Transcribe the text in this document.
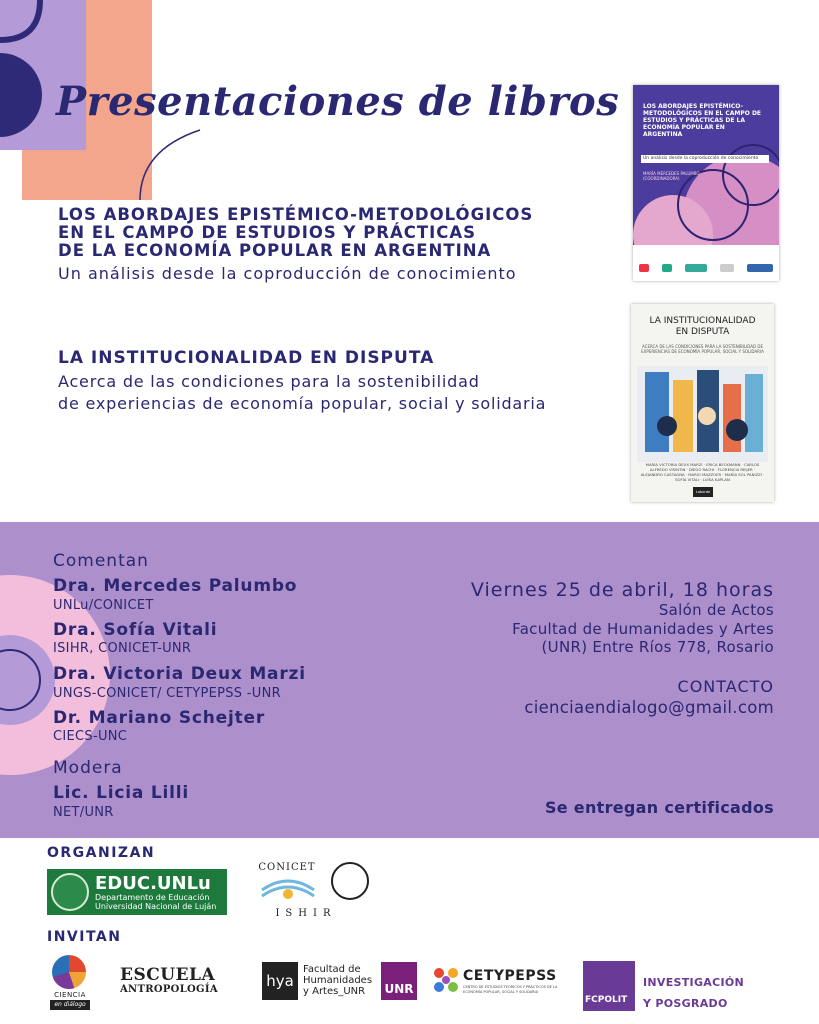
Presentaciones de libros
LOS ABORDAJES EPISTÉMICO-METODOLÓGICOS
EN EL CAMPO DE ESTUDIOS Y PRÁCTICAS
DE LA ECONOMÍA POPULAR EN ARGENTINA
Un análisis desde la coproducción de conocimiento
LOS ABORDAJES EPISTÉMICO-METODOLÓGICOS EN EL CAMPO DE ESTUDIOS Y PRÁCTICAS DE LA ECONOMÍA POPULAR EN ARGENTINA
Un análisis desde la coproducción de conocimiento
MARÍA MERCEDES PALUMBO (COORDINADORA)
LA INSTITUCIONALIDAD EN DISPUTA
Acerca de las condiciones para la sostenibilidad
de experiencias de economía popular, social y solidaria
LA INSTITUCIONALIDAD
EN DISPUTA
ACERCA DE LAS CONDICIONES PARA LA SOSTENIBILIDAD DE EXPERIENCIAS DE ECONOMÍA POPULAR, SOCIAL Y SOLIDARIA
MARÍA VICTORIA DEUX MARZI · ERICA BECKMANN · CARLOS ALFREDO VISINTIN · DIEGO RACHI · FLORENCIA REIJER · ALEJANDRO CASTAGNA · MARIO MAZZOER · MARÍA SOL PANIZZI · SOFÍA VITALI · LUISA KAPLAN
Laborde Editor
Comentan
Dra. Mercedes Palumbo
UNLu/CONICET
Dra. Sofía Vitali
ISIHR, CONICET-UNR
Dra. Victoria Deux Marzi
UNGS-CONICET/ CETYPEPSS -UNR
Dr. Mariano Schejter
CIECS-UNC
Modera
Lic. Licia Lilli
NET/UNR
Viernes 25 de abril, 18 horas
Salón de Actos
Facultad de Humanidades y Artes
(UNR) Entre Ríos 778, Rosario
CONTACTO
cienciaendialogo@gmail.com
Se entregan certificados
ORGANIZAN
EDUC.UNLu
Departamento de Educación
Universidad Nacional de Luján
CONICET
ISHIR
INVITAN
CIENCIA
en diálogo
ESCUELA
ANTROPOLOGÍA	hya
Facultad de
Humanidades
y Artes_UNR	UNR
CETYPEPSS
CENTRO DE ESTUDIOS TEÓRICOS Y PRÁCTICOS DE LA ECONOMÍA POPULAR, SOCIAL Y SOLIDARIA
FCPOLIT
INVESTIGACIÓN
Y POSGRADO
